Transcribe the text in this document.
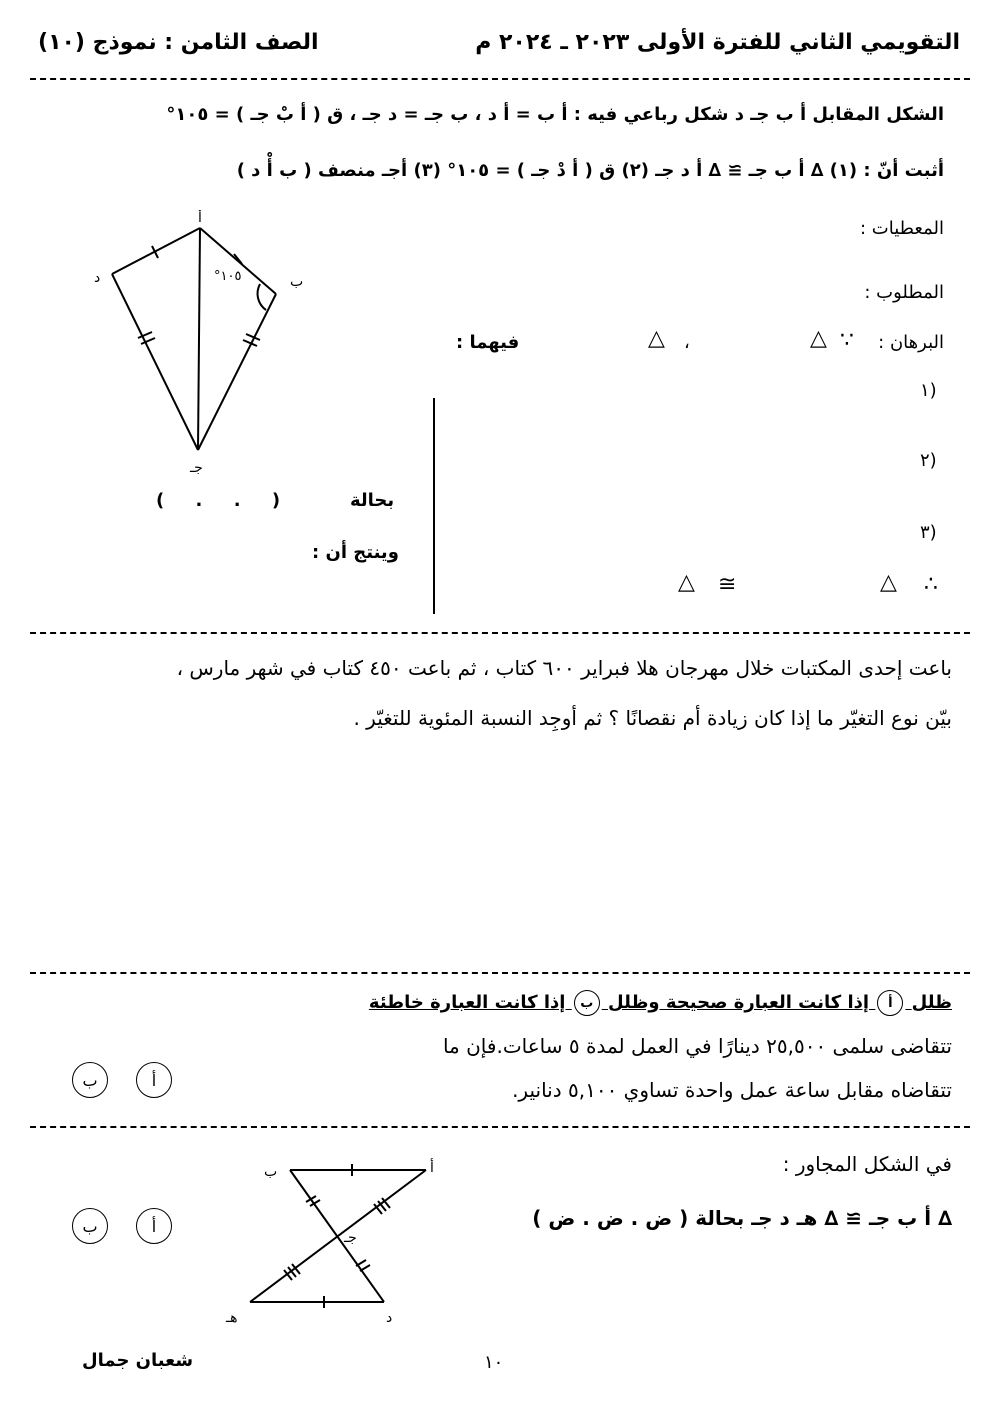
التقويمي الثاني للفترة الأولى ٢٠٢٣ ـ ٢٠٢٤ م
الصف الثامن : نموذج (١٠)
الشكل المقابل أ ب جـ د شكل رباعي فيه : أ ب = أ د ، ب جـ = د جـ ، ق ( أ بْ جـ ) = ١٠٥°
أثبت أنّ : (١) ∆ أ ب جـ ≅ ∆ أ د جـ (٢) ق ( أ دْ جـ ) = ١٠٥° (٣) أجـ منصف ( ب أْ د )
المعطيات :
المطلوب :
البرهان :
∵
△
،
△
فيهما :
١)
٢)
٣)
∴
△
≅
△
بحالة
(     .     .     )
وينتج أن :
أ
ب
د
جـ
°١٠٥
باعت إحدى المكتبات خلال مهرجان هلا فبراير ٦٠٠ كتاب ، ثم باعت ٤٥٠ كتاب في شهر مارس ،
بيّن نوع التغيّر ما إذا كان زيادة أم نقصانًا ؟ ثم أوجِد النسبة المئوية للتغيّر .
ظلل أ إذا كانت العبارة صحيحة وظلل ب إذا كانت العبارة خاطئة
تتقاضى سلمى ٢٥,٥٠٠ دينارًا في العمل لمدة ٥ ساعات.فإن ما
تتقاضاه مقابل ساعة عمل واحدة تساوي ٥,١٠٠ دنانير.
أ
ب
في الشكل المجاور :
∆ أ ب جـ ≅ ∆ هـ د جـ بحالة ( ض . ض . ض )
أ
ب
أ
ب
جـ
د
هـ
شعبان جمال	١٠
